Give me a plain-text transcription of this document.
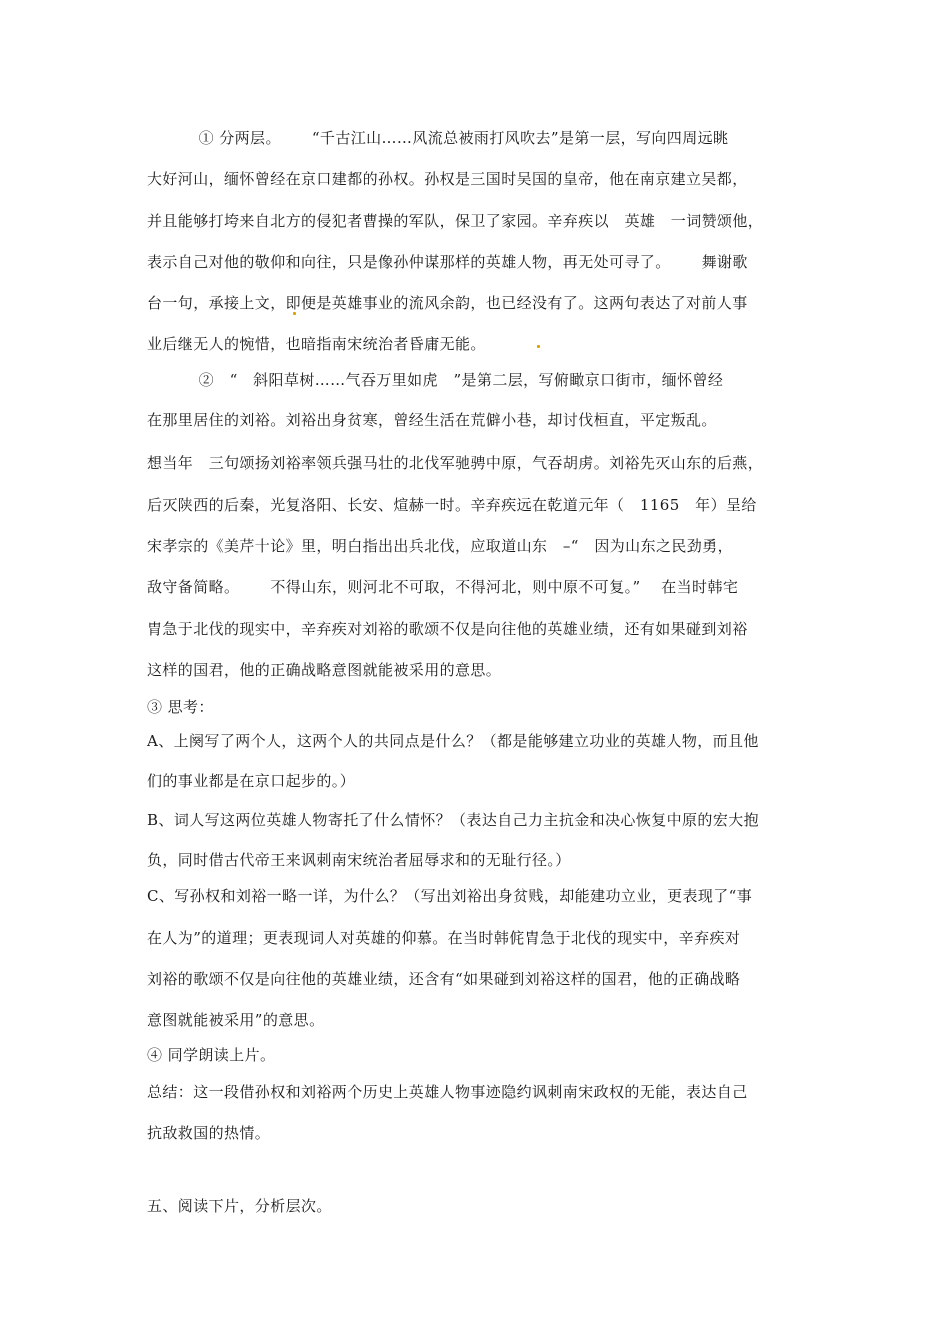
① 分两层。      “千古江山……风流总被雨打风吹去”是第一层，写向四周远眺
大好河山，缅怀曾经在京口建都的孙权。孙权是三国时吴国的皇帝，他在南京建立吴都，
并且能够打垮来自北方的侵犯者曹操的军队，保卫了家园。辛弃疾以   英雄   一词赞颂他，
表示自己对他的敬仰和向往，只是像孙仲谋那样的英雄人物，再无处可寻了。      舞谢歌
台一句，承接上文，即便是英雄事业的流风余韵，也已经没有了。这两句表达了对前人事
业后继无人的惋惜，也暗指南宋统治者昏庸无能。
②   “   斜阳草树……气吞万里如虎   ”是第二层，写俯瞰京口街市，缅怀曾经
在那里居住的刘裕。刘裕出身贫寒，曾经生活在荒僻小巷，却讨伐桓直，平定叛乱。
想当年   三句颂扬刘裕率领兵强马壮的北伐军驰骋中原，气吞胡虏。刘裕先灭山东的后燕，
后灭陕西的后秦，光复洛阳、长安、煊赫一时。辛弃疾远在乾道元年（   1165   年）呈给
宋孝宗的《美芹十论》里，明白指出出兵北伐，应取道山东   –“   因为山东之民劲勇，
敌守备简略。      不得山东，则河北不可取，不得河北，则中原不可复。”    在当时韩宅
胄急于北伐的现实中，辛弃疾对刘裕的歌颂不仅是向往他的英雄业绩，还有如果碰到刘裕
这样的国君，他的正确战略意图就能被采用的意思。
③ 思考：
A、上阕写了两个人，这两个人的共同点是什么？（都是能够建立功业的英雄人物，而且他
们的事业都是在京口起步的。）
B、词人写这两位英雄人物寄托了什么情怀？（表达自己力主抗金和决心恢复中原的宏大抱
负，同时借古代帝王来讽刺南宋统治者屈辱求和的无耻行径。）
C、写孙权和刘裕一略一详，为什么？（写出刘裕出身贫贱，却能建功立业，更表现了“事
在人为”的道理；更表现词人对英雄的仰慕。在当时韩侂胄急于北伐的现实中，辛弃疾对
刘裕的歌颂不仅是向往他的英雄业绩，还含有“如果碰到刘裕这样的国君，他的正确战略
意图就能被采用”的意思。
④ 同学朗读上片。
总结：这一段借孙权和刘裕两个历史上英雄人物事迹隐约讽刺南宋政权的无能，表达自己
抗敌救国的热情。
五、阅读下片，分析层次。
